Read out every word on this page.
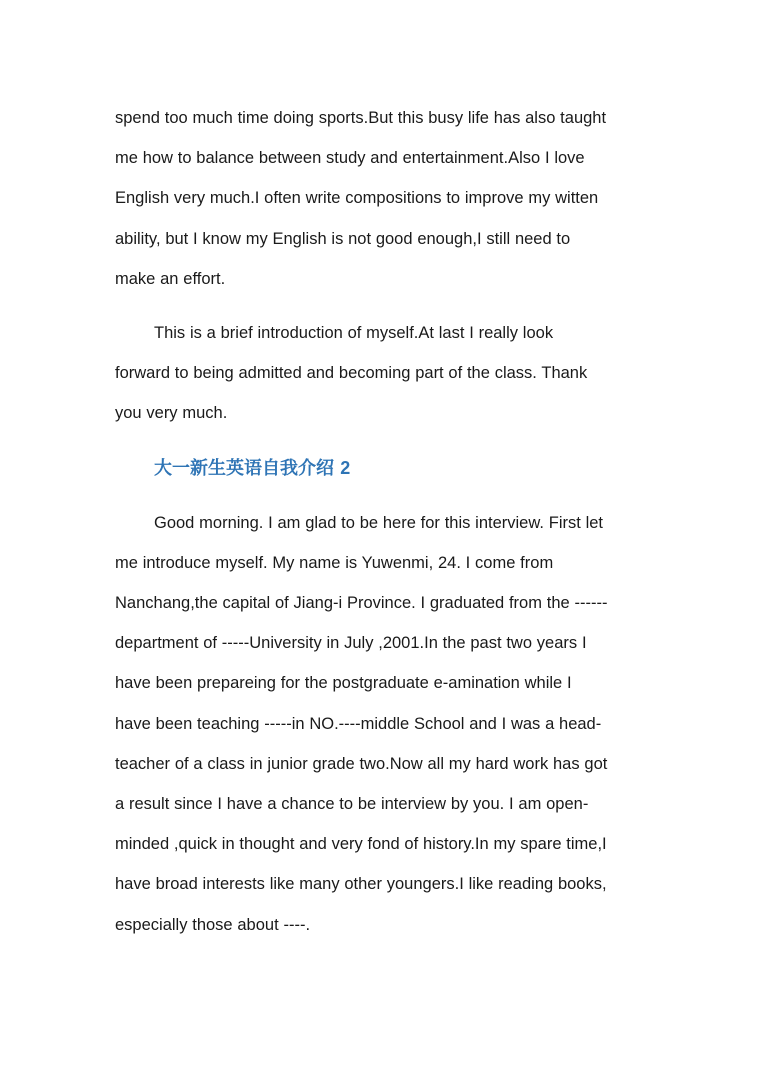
spend too much time doing sports.But this busy life has also taught
me how to balance between study and entertainment.Also I love
English very much.I often write compositions to improve my witten
ability, but I know my English is not good enough,I still need to
make an effort.

This is a brief introduction of myself.At last I really look
forward to being admitted and becoming part of the class. Thank
you very much.

大一新生英语自我介绍 2

Good morning. I am glad to be here for this interview. First let
me introduce myself. My name is Yuwenmi, 24. I come from
Nanchang,the capital of Jiang-i Province. I graduated from the ------
department of -----University in July ,2001.In the past two years I
have been prepareing for the postgraduate e-amination while I
have been teaching -----in NO.----middle School and I was a head-
teacher of a class in junior grade two.Now all my hard work has got
a result since I have a chance to be interview by you. I am open-
minded ,quick in thought and very fond of history.In my spare time,I
have broad interests like many other youngers.I like reading books,
especially those about ----.
